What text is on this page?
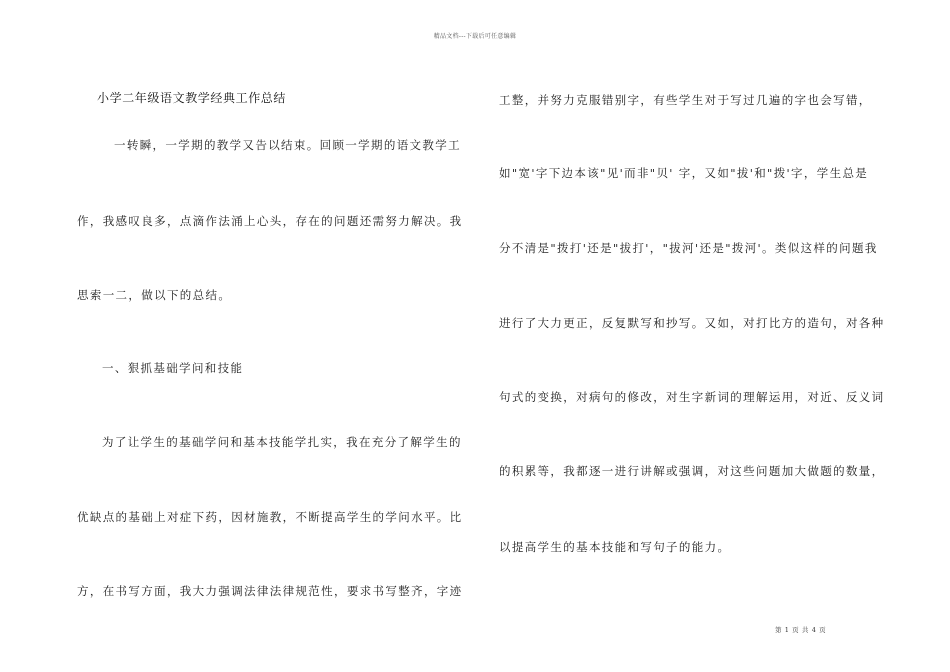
精品文档---下载后可任意编辑
小学二年级语文教学经典工作总结
一转瞬，一学期的教学又告以结束。回顾一学期的语文教学工
作，我感叹良多，点滴作法涌上心头，存在的问题还需努力解决。我
思索一二，做以下的总结。
一、狠抓基础学问和技能
为了让学生的基础学问和基本技能学扎实，我在充分了解学生的
优缺点的基础上对症下药，因材施教，不断提高学生的学问水平。比
方，在书写方面，我大力强调法律法律规范性，要求书写整齐，字迹
工整，并努力克服错别字，有些学生对于写过几遍的字也会写错，
如"宽'字下边本该"见'而非"贝' 字，又如"拔'和"拨'字，学生总是
分不清是"拨打'还是"拔打'，"拔河'还是"拨河'。类似这样的问题我
进行了大力更正，反复默写和抄写。又如，对打比方的造句，对各种
句式的变换，对病句的修改，对生字新词的理解运用，对近、反义词
的积累等，我都逐一进行讲解或强调，对这些问题加大做题的数量，
以提高学生的基本技能和写句子的能力。
第 1 页 共 4 页
